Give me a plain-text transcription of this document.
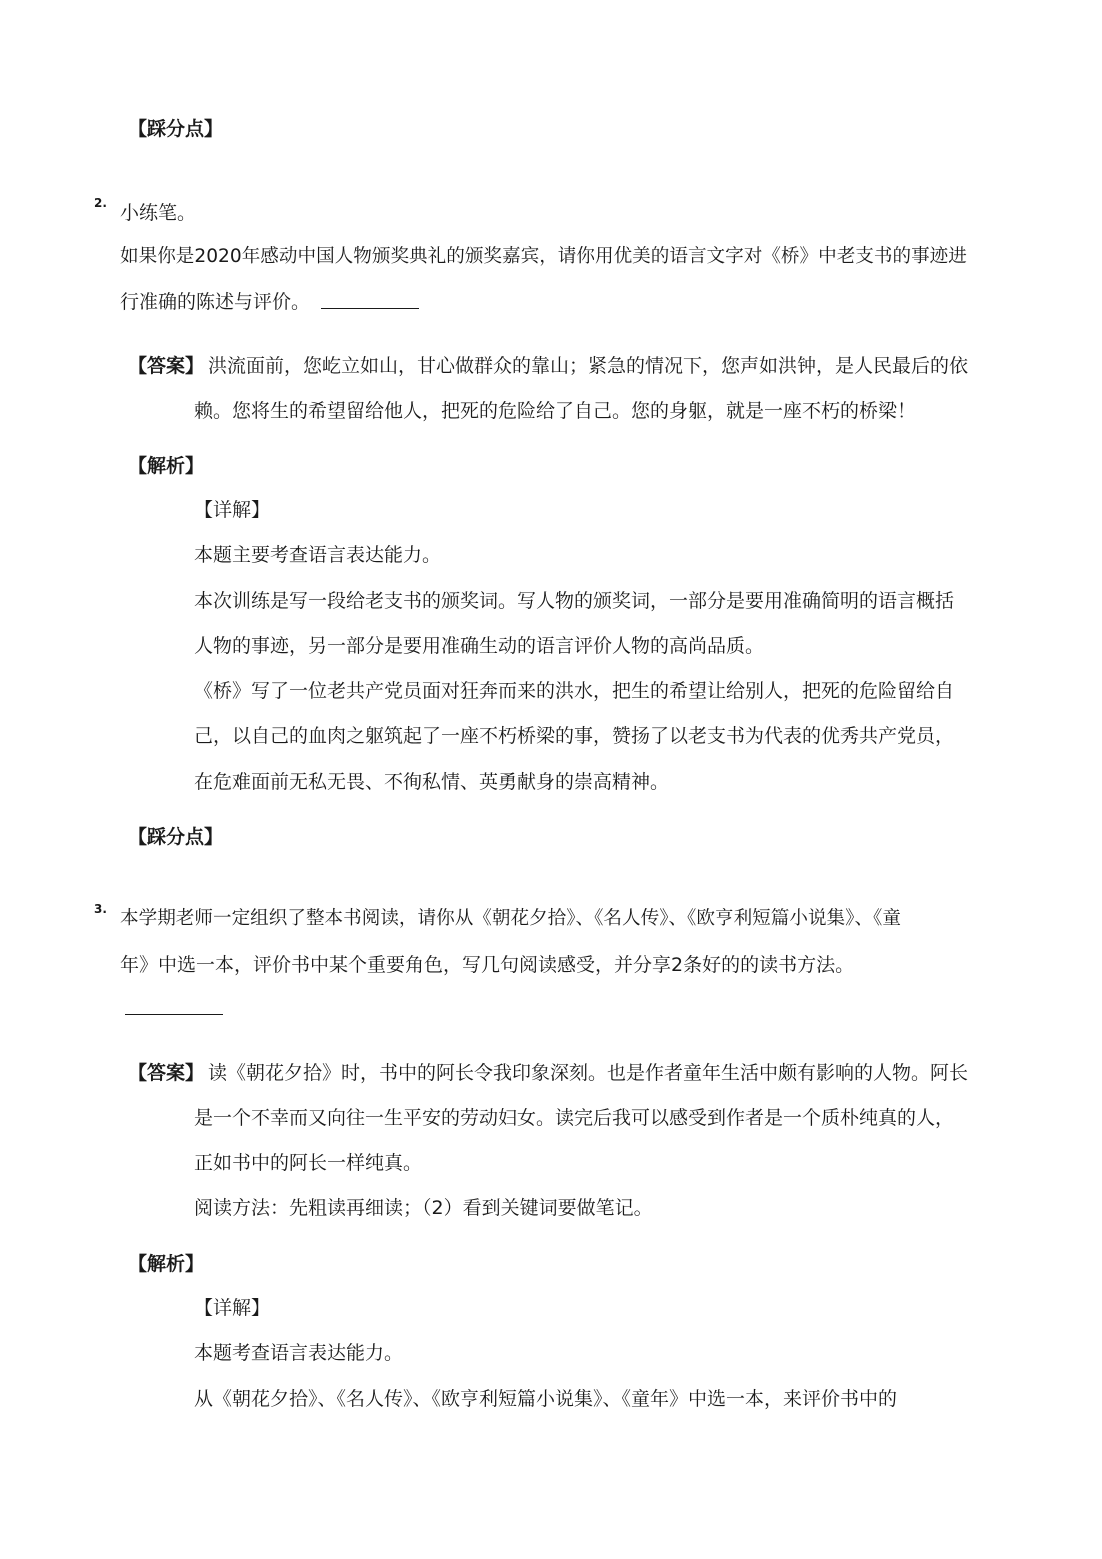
【踩分点】
2. 小练笔。
如果你是2020年感动中国人物颁奖典礼的颁奖嘉宾，请你用优美的语言文字对《桥》中老支书的事迹进
行准确的陈述与评价。
【答案】 洪流面前，您屹立如山，甘心做群众的靠山；紧急的情况下，您声如洪钟，是人民最后的依
赖。您将生的希望留给他人，把死的危险给了自己。您的身躯，就是一座不朽的桥梁！
【解析】
【详解】
本题主要考查语言表达能力。
本次训练是写一段给老支书的颁奖词。写人物的颁奖词，一部分是要用准确简明的语言概括
人物的事迹，另一部分是要用准确生动的语言评价人物的高尚品质。
《桥》写了一位老共产党员面对狂奔而来的洪水，把生的希望让给别人，把死的危险留给自
己，以自己的血肉之躯筑起了一座不朽桥梁的事，赞扬了以老支书为代表的优秀共产党员，
在危难面前无私无畏、不徇私情、英勇献身的崇高精神。
【踩分点】
3. 本学期老师一定组织了整本书阅读，请你从《朝花夕拾》、《名人传》、《欧亨利短篇小说集》、《童
年》中选一本，评价书中某个重要角色，写几句阅读感受，并分享2条好的的读书方法。
【答案】 读《朝花夕拾》时，书中的阿长令我印象深刻。也是作者童年生活中颇有影响的人物。阿长
是一个不幸而又向往一生平安的劳动妇女。读完后我可以感受到作者是一个质朴纯真的人，
正如书中的阿长一样纯真。
阅读方法：先粗读再细读；（2）看到关键词要做笔记。
【解析】
【详解】
本题考查语言表达能力。
从《朝花夕拾》、《名人传》、《欧亨利短篇小说集》、《童年》中选一本，来评价书中的
